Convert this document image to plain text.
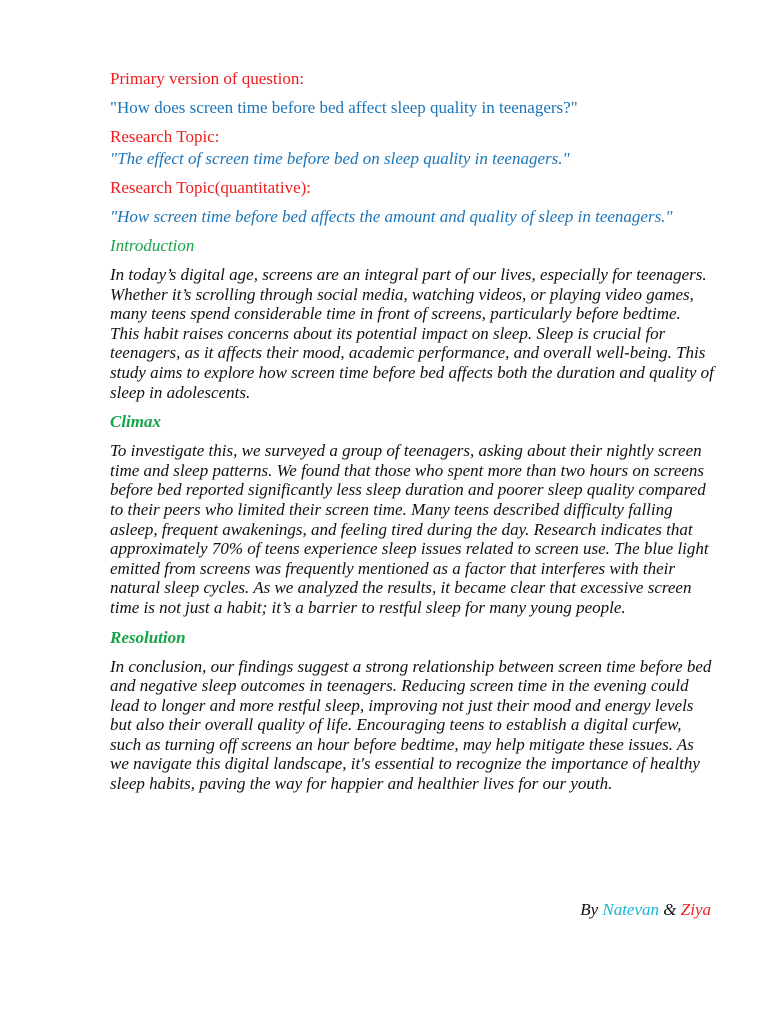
Primary version of question:

"How does screen time before bed affect sleep quality in teenagers?"

Research Topic:

"The effect of screen time before bed on sleep quality in teenagers."

Research Topic(quantitative):

"How screen time before bed affects the amount and quality of sleep in teenagers."

Introduction

In today’s digital age, screens are an integral part of our lives, especially for teenagers. Whether it’s scrolling through social media, watching videos, or playing video games, many teens spend considerable time in front of screens, particularly before bedtime. This habit raises concerns about its potential impact on sleep. Sleep is crucial for teenagers, as it affects their mood, academic performance, and overall well-being. This study aims to explore how screen time before bed affects both the duration and quality of sleep in adolescents.

Climax

To investigate this, we surveyed a group of teenagers, asking about their nightly screen time and sleep patterns. We found that those who spent more than two hours on screens before bed reported significantly less sleep duration and poorer sleep quality compared to their peers who limited their screen time. Many teens described difficulty falling asleep, frequent awakenings, and feeling tired during the day. Research indicates that approximately 70% of teens experience sleep issues related to screen use. The blue light emitted from screens was frequently mentioned as a factor that interferes with their natural sleep cycles. As we analyzed the results, it became clear that excessive screen time is not just a habit; it’s a barrier to restful sleep for many young people.

Resolution

In conclusion, our findings suggest a strong relationship between screen time before bed and negative sleep outcomes in teenagers. Reducing screen time in the evening could lead to longer and more restful sleep, improving not just their mood and energy levels but also their overall quality of life. Encouraging teens to establish a digital curfew, such as turning off screens an hour before bedtime, may help mitigate these issues. As we navigate this digital landscape, it's essential to recognize the importance of healthy sleep habits, paving the way for happier and healthier lives for our youth.

By Natevan & Ziya
